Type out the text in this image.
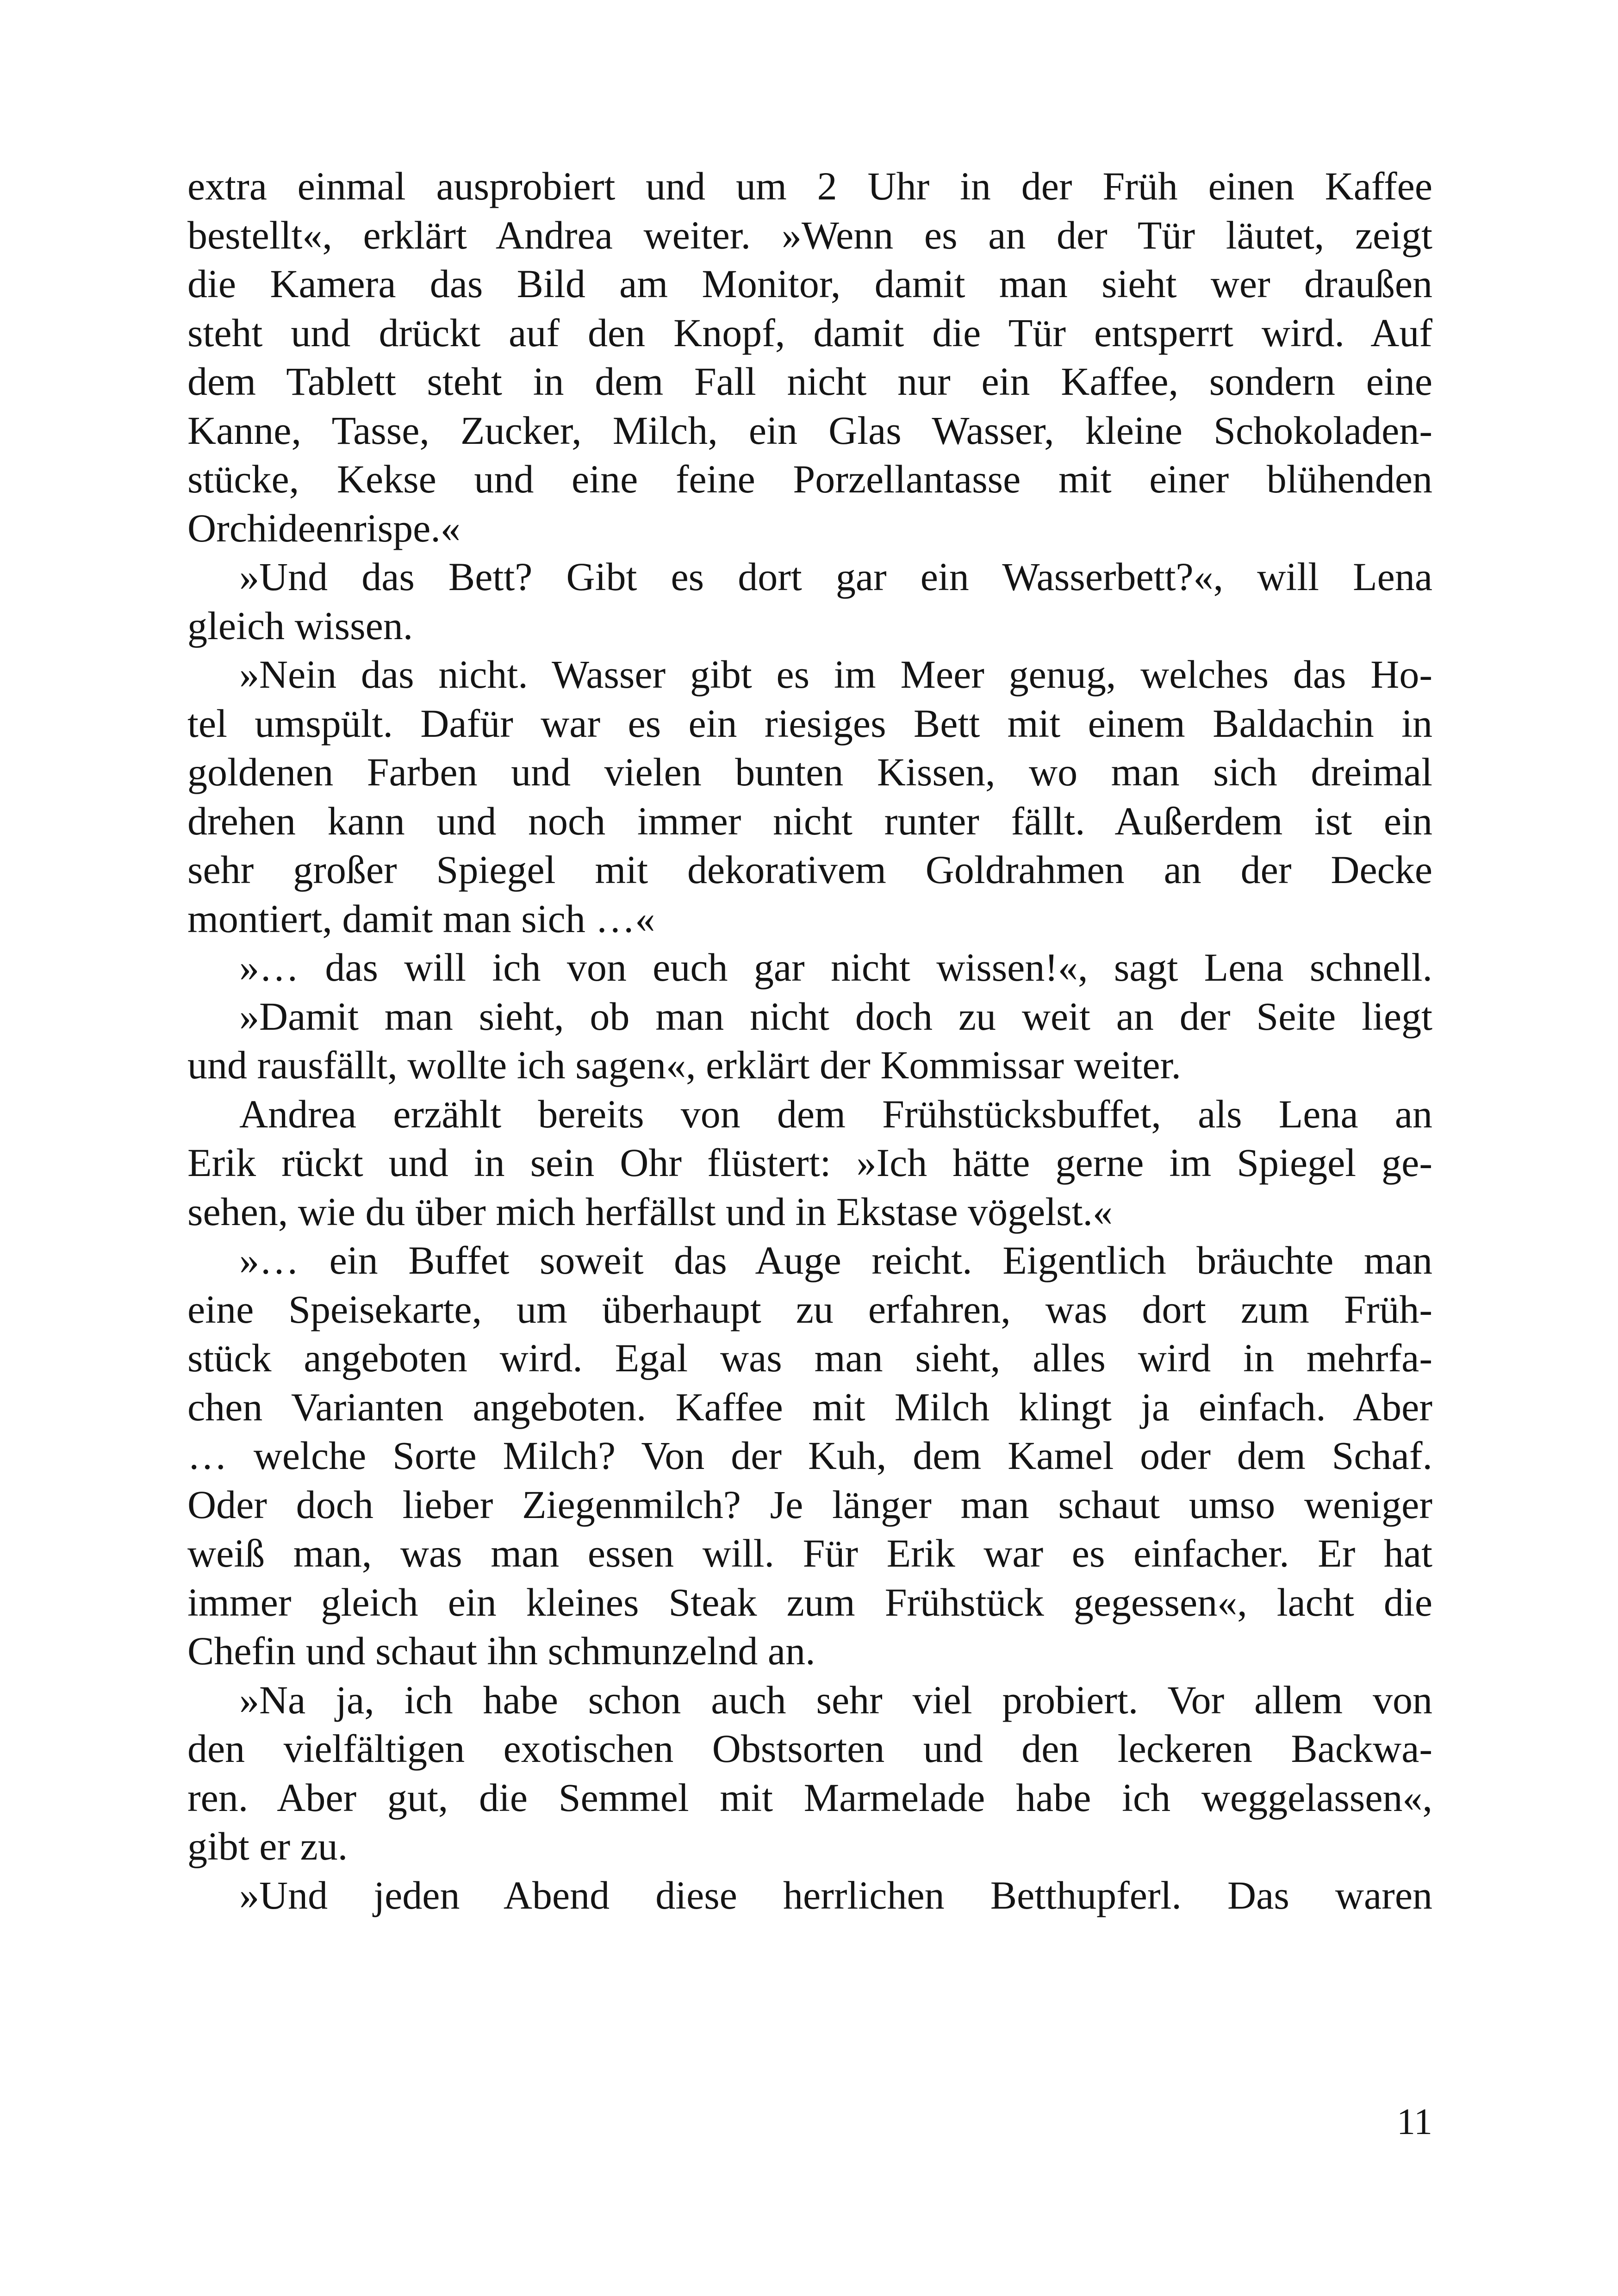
extra einmal ausprobiert und um 2 Uhr in der Früh einen Kaffee
bestellt«, erklärt Andrea weiter. »Wenn es an der Tür läutet, zeigt
die Kamera das Bild am Monitor, damit man sieht wer draußen
steht und drückt auf den Knopf, damit die Tür entsperrt wird. Auf
dem Tablett steht in dem Fall nicht nur ein Kaffee, sondern eine
Kanne, Tasse, Zucker, Milch, ein Glas Wasser, kleine Schokoladen-
stücke, Kekse und eine feine Porzellantasse mit einer blühenden
Orchideenrispe.«
»Und das Bett? Gibt es dort gar ein Wasserbett?«, will Lena
gleich wissen.
»Nein das nicht. Wasser gibt es im Meer genug, welches das Ho-
tel umspült. Dafür war es ein riesiges Bett mit einem Baldachin in
goldenen Farben und vielen bunten Kissen, wo man sich dreimal
drehen kann und noch immer nicht runter fällt. Außerdem ist ein
sehr großer Spiegel mit dekorativem Goldrahmen an der Decke
montiert, damit man sich …«
»… das will ich von euch gar nicht wissen!«, sagt Lena schnell.
»Damit man sieht, ob man nicht doch zu weit an der Seite liegt
und rausfällt, wollte ich sagen«, erklärt der Kommissar weiter.
Andrea erzählt bereits von dem Frühstücksbuffet, als Lena an
Erik rückt und in sein Ohr flüstert: »Ich hätte gerne im Spiegel ge-
sehen, wie du über mich herfällst und in Ekstase vögelst.«
»… ein Buffet soweit das Auge reicht. Eigentlich bräuchte man
eine Speisekarte, um überhaupt zu erfahren, was dort zum Früh-
stück angeboten wird. Egal was man sieht, alles wird in mehrfa-
chen Varianten angeboten. Kaffee mit Milch klingt ja einfach. Aber
… welche Sorte Milch? Von der Kuh, dem Kamel oder dem Schaf.
Oder doch lieber Ziegenmilch? Je länger man schaut umso weniger
weiß man, was man essen will. Für Erik war es einfacher. Er hat
immer gleich ein kleines Steak zum Frühstück gegessen«, lacht die
Chefin und schaut ihn schmunzelnd an.
»Na ja, ich habe schon auch sehr viel probiert. Vor allem von
den vielfältigen exotischen Obstsorten und den leckeren Backwa-
ren. Aber gut, die Semmel mit Marmelade habe ich weggelassen«,
gibt er zu.
»Und jeden Abend diese herrlichen Betthupferl. Das waren
11
